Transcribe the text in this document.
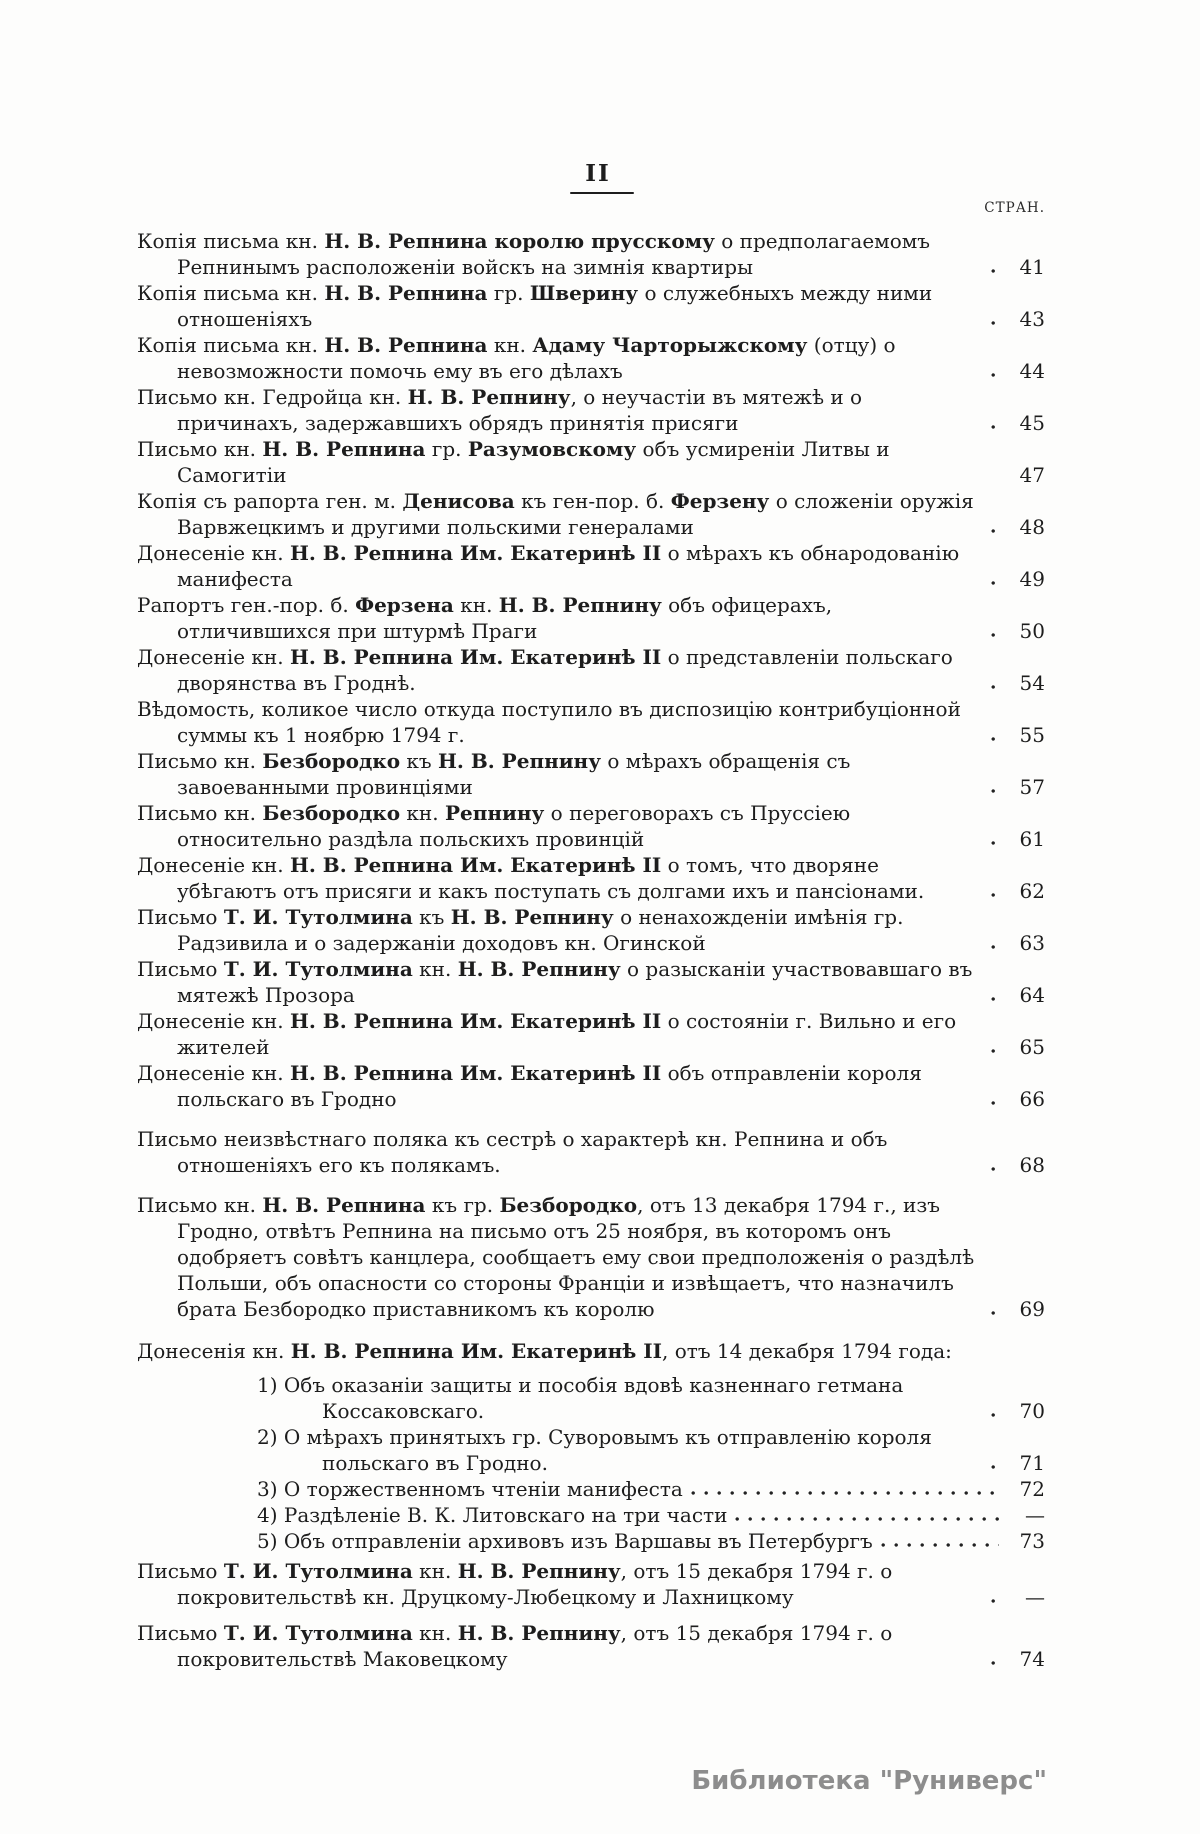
II
СТРАН.
Копія письма кн. Н. В. Репнина королю прусскому о предполагаемомъ Репнинымъ расположеніи войскъ на зимнія квартиры	41
Копія письма кн. Н. В. Репнина гр. Шверину о служебныхъ между ними отношеніяхъ	43
Копія письма кн. Н. В. Репнина кн. Адаму Чарторыжскому (отцу) о невозможности помочь ему въ его дѣлахъ	44
Письмо кн. Гедройца кн. Н. В. Репнину, о неучастіи въ мятежѣ и о причинахъ, задержавшихъ обрядъ принятія присяги	45
Письмо кн. Н. В. Репнина гр. Разумовскому объ усмиреніи Литвы и Самогитіи	47
Копія съ рапорта ген. м. Денисова къ ген-пор. б. Ферзену о сложеніи оружія Варвжецкимъ и другими польскими генералами	48
Донесеніе кн. Н. В. Репнина Им. Екатеринѣ II о мѣрахъ къ обнародованію манифеста	49
Рапортъ ген.-пор. б. Ферзена кн. Н. В. Репнину объ офицерахъ, отличившихся при штурмѣ Праги	50
Донесеніе кн. Н. В. Репнина Им. Екатеринѣ II о представленіи польскаго дворянства въ Гроднѣ.	54
Вѣдомость, коликое число откуда поступило въ диспозицію контрибуціонной суммы къ 1 ноябрю 1794 г.	55
Письмо кн. Безбородко къ Н. В. Репнину о мѣрахъ обращенія съ завоеванными провинціями	57
Письмо кн. Безбородко кн. Репнину о переговорахъ съ Пруссіею относительно раздѣла польскихъ провинцій	61
Донесеніе кн. Н. В. Репнина Им. Екатеринѣ II о томъ, что дворяне убѣгаютъ отъ присяги и какъ поступать съ долгами ихъ и пансіонами.	62
Письмо Т. И. Тутолмина къ Н. В. Репнину о ненахожденіи имѣнія гр. Радзивила и о задержаніи доходовъ кн. Огинской	63
Письмо Т. И. Тутолмина кн. Н. В. Репнину о разысканіи участвовавшаго въ мятежѣ Прозора	64
Донесеніе кн. Н. В. Репнина Им. Екатеринѣ II о состояніи г. Вильно и его жителей	65
Донесеніе кн. Н. В. Репнина Им. Екатеринѣ II объ отправленіи короля польскаго въ Гродно	66
Письмо неизвѣстнаго поляка къ сестрѣ о характерѣ кн. Репнина и объ отношеніяхъ его къ полякамъ.	68
Письмо кн. Н. В. Репнина къ гр. Безбородко, отъ 13 декабря 1794 г., изъ Гродно, отвѣтъ Репнина на письмо отъ 25 ноября, въ которомъ онъ одобряетъ совѣтъ канцлера, сообщаетъ ему свои предположенія о раздѣлѣ Польши, объ опасности со стороны Франціи и извѣщаетъ, что назначилъ брата Безбородко приставникомъ къ королю	69
Донесенія кн. Н. В. Репнина Им. Екатеринѣ II, отъ 14 декабря 1794 года:
1) Объ оказаніи защиты и пособія вдовѣ казненнаго гетмана Коссаковскаго.	70
2) О мѣрахъ принятыхъ гр. Суворовымъ къ отправленію короля польскаго въ Гродно.	71
3) О торжественномъ чтеніи манифеста	72
4) Раздѣленіе В. К. Литовскаго на три части	—
5) Объ отправленіи архивовъ изъ Варшавы въ Петербургъ	73
Письмо Т. И. Тутолмина кн. Н. В. Репнину, отъ 15 декабря 1794 г. о покровительствѣ кн. Друцкому-Любецкому и Лахницкому	—
Письмо Т. И. Тутолмина кн. Н. В. Репнину, отъ 15 декабря 1794 г. о покровительствѣ Маковецкому	74
Библиотека "Руниверс"
